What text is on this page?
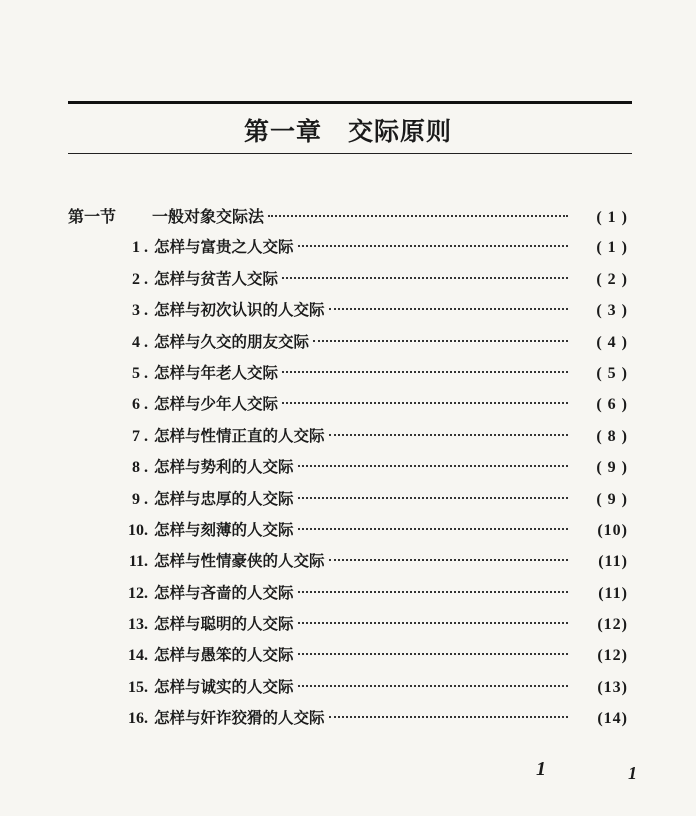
第一章　交际原则
第一节	一般对象交际法	( 1 )
1 . 怎样与富贵之人交际	( 1 )
2 . 怎样与贫苦人交际	( 2 )
3 . 怎样与初次认识的人交际	( 3 )
4 . 怎样与久交的朋友交际	( 4 )
5 . 怎样与年老人交际	( 5 )
6 . 怎样与少年人交际	( 6 )
7 . 怎样与性情正直的人交际	( 8 )
8 . 怎样与势利的人交际	( 9 )
9 . 怎样与忠厚的人交际	( 9 )
10. 怎样与刻薄的人交际	(10)
11. 怎样与性情豪侠的人交际	(11)
12. 怎样与吝啬的人交际	(11)
13. 怎样与聪明的人交际	(12)
14. 怎样与愚笨的人交际	(12)
15. 怎样与诚实的人交际	(13)
16. 怎样与奸诈狡猾的人交际	(14)
1	1
